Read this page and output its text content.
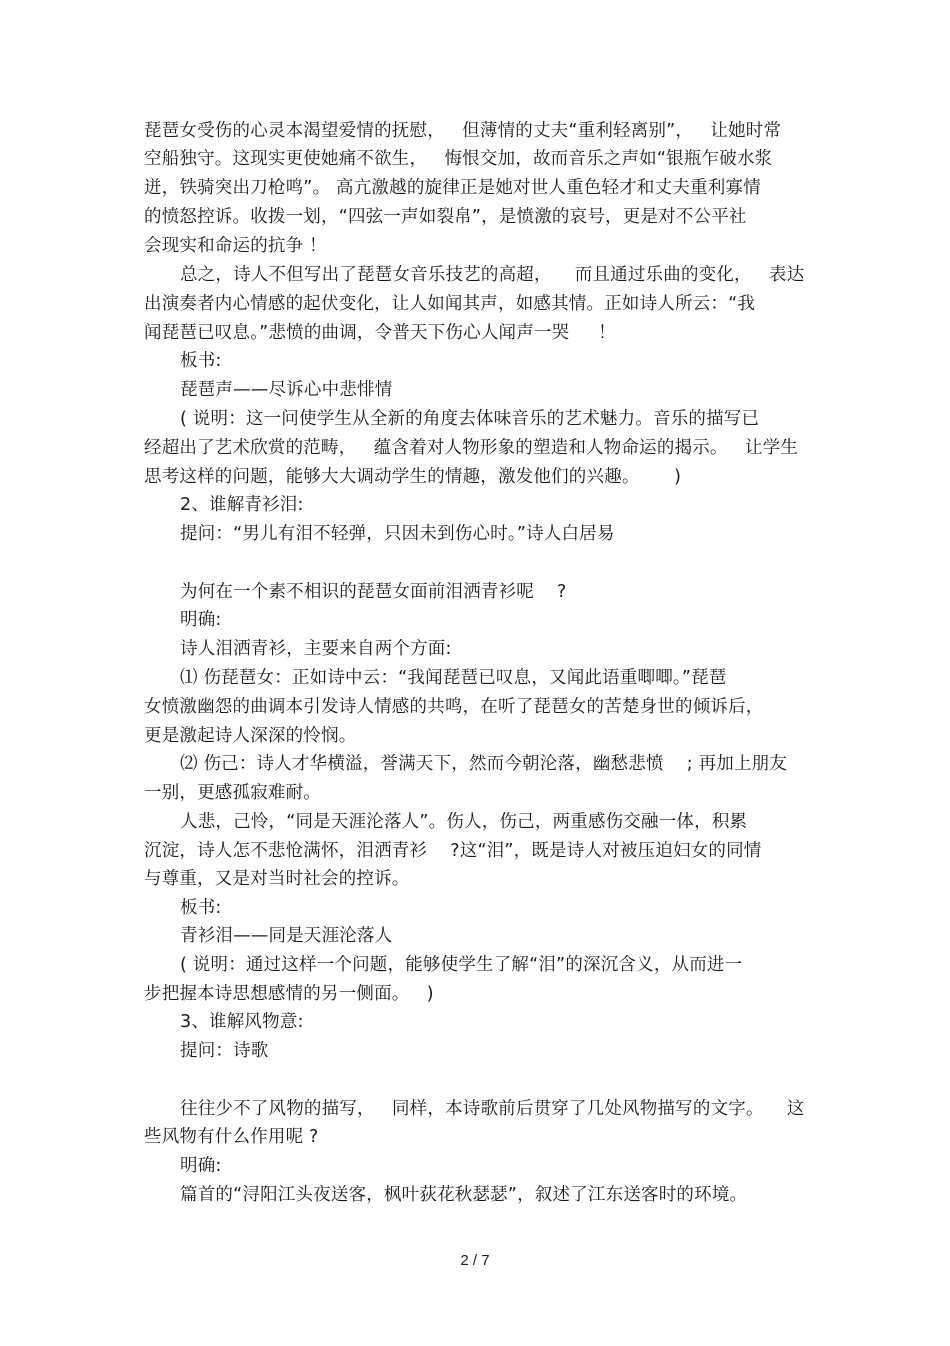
琵琶女受伤的心灵本渴望爱情的抚慰，   但薄情的丈夫“重利轻离别”，   让她时常
空船独守。这现实更使她痛不欲生，   悔恨交加，故而音乐之声如“银瓶乍破水浆
迸，铁骑突出刀枪鸣”。 高亢激越的旋律正是她对世人重色轻才和丈夫重利寡情
的愤怒控诉。收拨一划，“四弦一声如裂帛”，是愤激的哀号，更是对不公平社
会现实和命运的抗争 ！
总之，诗人不但写出了琵琶女音乐技艺的高超，    而且通过乐曲的变化，   表达
出演奏者内心情感的起伏变化，让人如闻其声，如感其情。正如诗人所云：“我
闻琵琶已叹息。”悲愤的曲调，令普天下伤心人闻声一哭     ！
板书:
琵琶声——尽诉心中悲悱情
( 说明：这一问使学生从全新的角度去体味音乐的艺术魅力。音乐的描写已
经超出了艺术欣赏的范畴，   蕴含着对人物形象的塑造和人物命运的揭示。   让学生
思考这样的问题，能够大大调动学生的情趣，激发他们的兴趣。      )
2、谁解青衫泪:
提问：“男儿有泪不轻弹，只因未到伤心时。”诗人白居易
为何在一个素不相识的琵琶女面前泪洒青衫呢    ?
明确:
诗人泪洒青衫，主要来自两个方面:
⑴ 伤琵琶女：正如诗中云：“我闻琵琶已叹息，又闻此语重唧唧。”琵琶
女愤激幽怨的曲调本引发诗人情感的共鸣，在听了琵琶女的苦楚身世的倾诉后，
更是激起诗人深深的怜悯。
⑵ 伤己：诗人才华横溢，誉满天下，然而今朝沦落，幽愁悲愤    ; 再加上朋友
一别，更感孤寂难耐。
人悲，己怜，“同是天涯沦落人”。伤人，伤己，两重感伤交融一体，积累
沉淀，诗人怎不悲怆满怀，泪洒青衫    ?这“泪”，既是诗人对被压迫妇女的同情
与尊重，又是对当时社会的控诉。
板书:
青衫泪——同是天涯沦落人
( 说明：通过这样一个问题，能够使学生了解“泪”的深沉含义，从而进一
步把握本诗思想感情的另一侧面。   )
3、谁解风物意:
提问：诗歌
往往少不了风物的描写，   同样，本诗歌前后贯穿了几处风物描写的文字。    这
些风物有什么作用呢 ?
明确:
篇首的“浔阳江头夜送客，枫叶荻花秋瑟瑟”，叙述了江东送客时的环境。
2 / 7
